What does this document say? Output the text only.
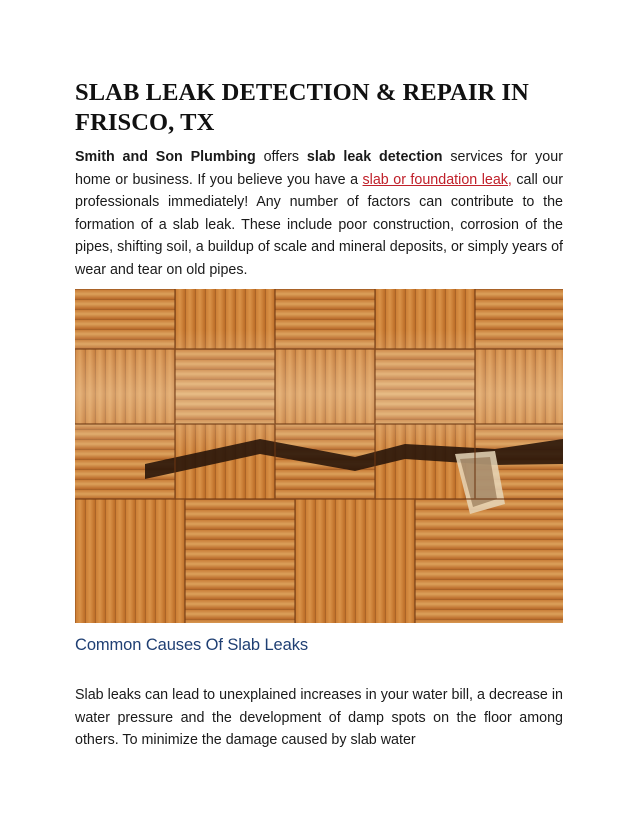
SLAB LEAK DETECTION & REPAIR IN FRISCO, TX

Smith and Son Plumbing offers slab leak detection services for your home or business. If you believe you have a slab or foundation leak, call our professionals immediately! Any number of factors can contribute to the formation of a slab leak. These include poor construction, corrosion of the pipes, shifting soil, a buildup of scale and mineral deposits, or simply years of wear and tear on old pipes.

Common Causes Of Slab Leaks

Slab leaks can lead to unexplained increases in your water bill, a decrease in water pressure and the development of damp spots on the floor among others. To minimize the damage caused by slab water
